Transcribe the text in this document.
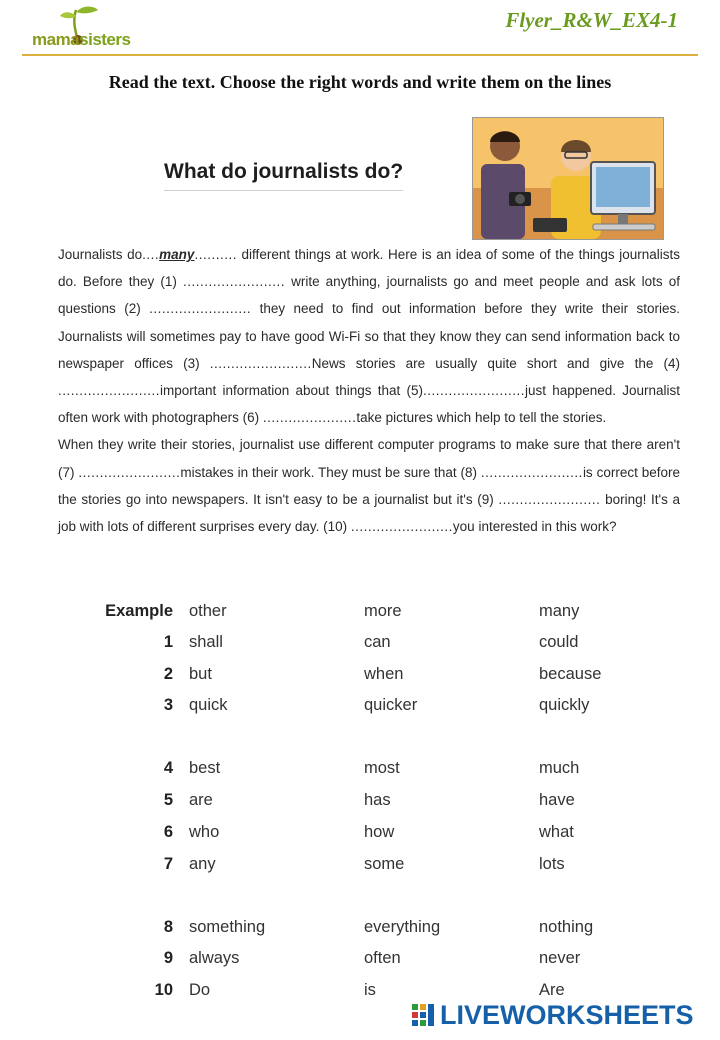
mamasisters
Flyer_R&W_EX4-1
Read the text. Choose the right words and write them on the lines
What do journalists do?

Journalists do....many.......... different things at work. Here is an idea of some of the things journalists do. Before they (1) ........................ write anything, journalists go and meet people and ask lots of questions (2) ........................ they need to find out information before they write their stories. Journalists will sometimes pay to have good Wi-Fi so that they know they can send information back to newspaper offices (3) ........................News stories are usually quite short and give the (4) ........................important information about things that (5)........................just happened. Journalist often work with photographers (6) ......................take pictures which help to tell the stories.

When they write their stories, journalist use different computer programs to make sure that there aren't (7) ........................mistakes in their work. They must be sure that (8) ........................is correct before the stories go into newspapers. It isn't easy to be a journalist but it's (9) ........................ boring! It's a job with lots of different surprises every day. (10) ........................you interested in this work?

Example other	more	many
1 shall	can	could
2 but	when	because
3 quick	quicker	quickly
4 best	most	much
5 are	has	have
6 who	how	what
7 any	some	lots
8 something	everything	nothing
9 always	often	never
10 Do	is	Are
LIVEWORKSHEETS
